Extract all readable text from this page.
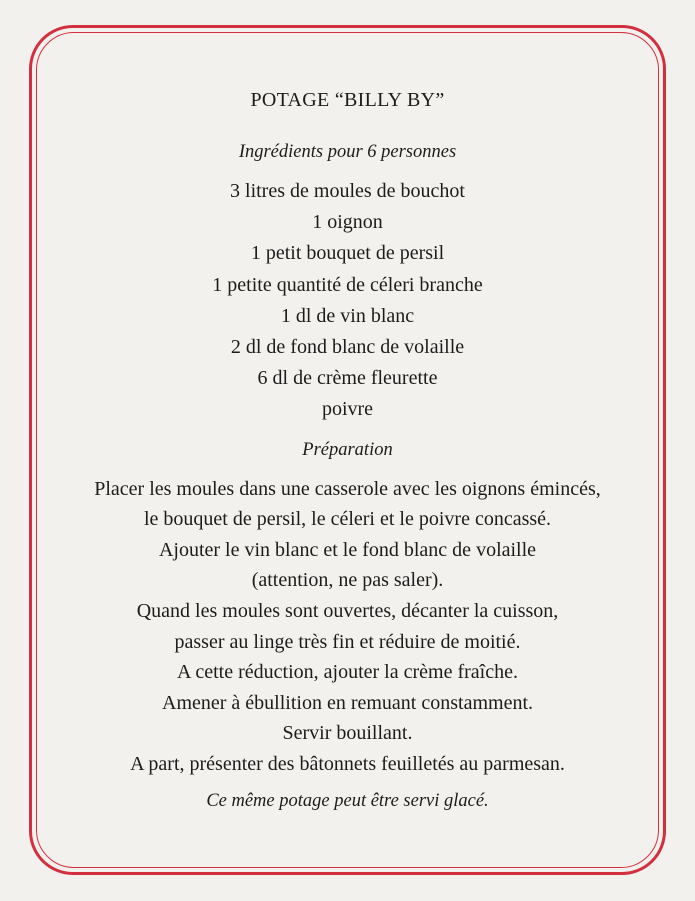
POTAGE “BILLY BY”
Ingrédients pour 6 personnes
3 litres de moules de bouchot
1 oignon
1 petit bouquet de persil
1 petite quantité de céleri branche
1 dl de vin blanc
2 dl de fond blanc de volaille
6 dl de crème fleurette
poivre
Préparation
Placer les moules dans une casserole avec les oignons émincés,
le bouquet de persil, le céleri et le poivre concassé.
Ajouter le vin blanc et le fond blanc de volaille
(attention, ne pas saler).
Quand les moules sont ouvertes, décanter la cuisson,
passer au linge très fin et réduire de moitié.
A cette réduction, ajouter la crème fraîche.
Amener à ébullition en remuant constamment.
Servir bouillant.
A part, présenter des bâtonnets feuilletés au parmesan.
Ce même potage peut être servi glacé.
